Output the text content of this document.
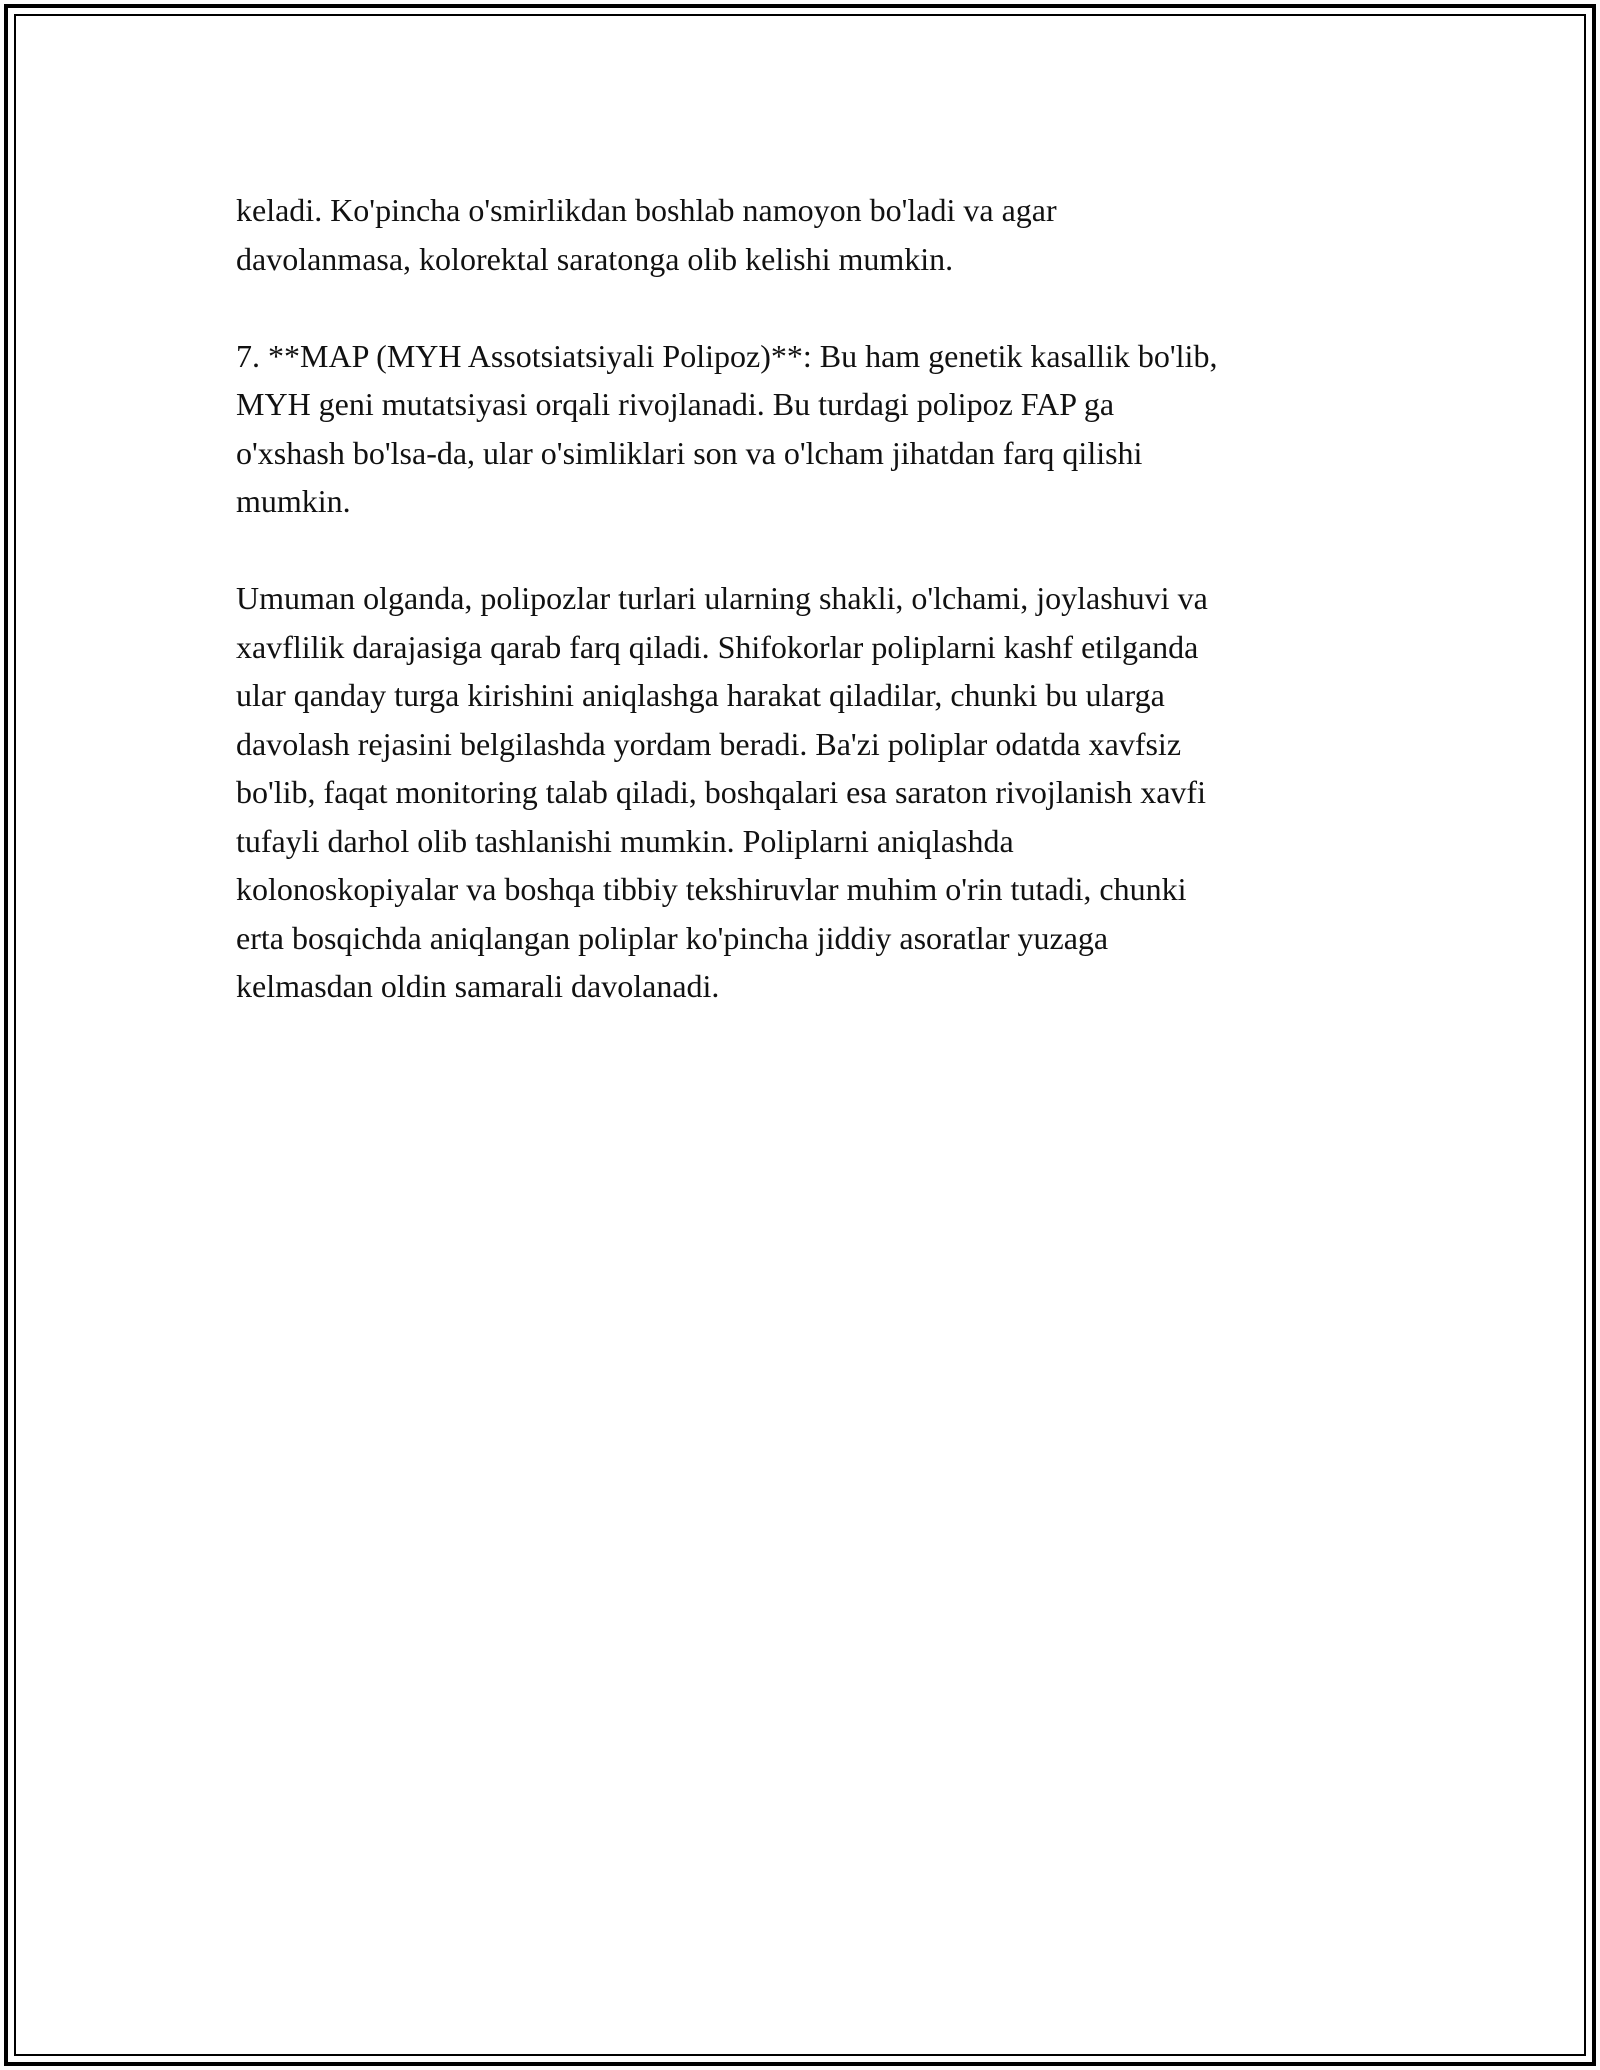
keladi. Ko'pincha o'smirlikdan boshlab namoyon bo'ladi va agar
davolanmasa, kolorektal saratonga olib kelishi mumkin.

7. **MAP (MYH Assotsiatsiyali Polipoz)**: Bu ham genetik kasallik bo'lib,
MYH geni mutatsiyasi orqali rivojlanadi. Bu turdagi polipoz FAP ga
o'xshash bo'lsa-da, ular o'simliklari son va o'lcham jihatdan farq qilishi
mumkin.

Umuman olganda, polipozlar turlari ularning shakli, o'lchami, joylashuvi va
xavflilik darajasiga qarab farq qiladi. Shifokorlar poliplarni kashf etilganda
ular qanday turga kirishini aniqlashga harakat qiladilar, chunki bu ularga
davolash rejasini belgilashda yordam beradi. Ba'zi poliplar odatda xavfsiz
bo'lib, faqat monitoring talab qiladi, boshqalari esa saraton rivojlanish xavfi
tufayli darhol olib tashlanishi mumkin. Poliplarni aniqlashda
kolonoskopiyalar va boshqa tibbiy tekshiruvlar muhim o'rin tutadi, chunki
erta bosqichda aniqlangan poliplar ko'pincha jiddiy asoratlar yuzaga
kelmasdan oldin samarali davolanadi.
